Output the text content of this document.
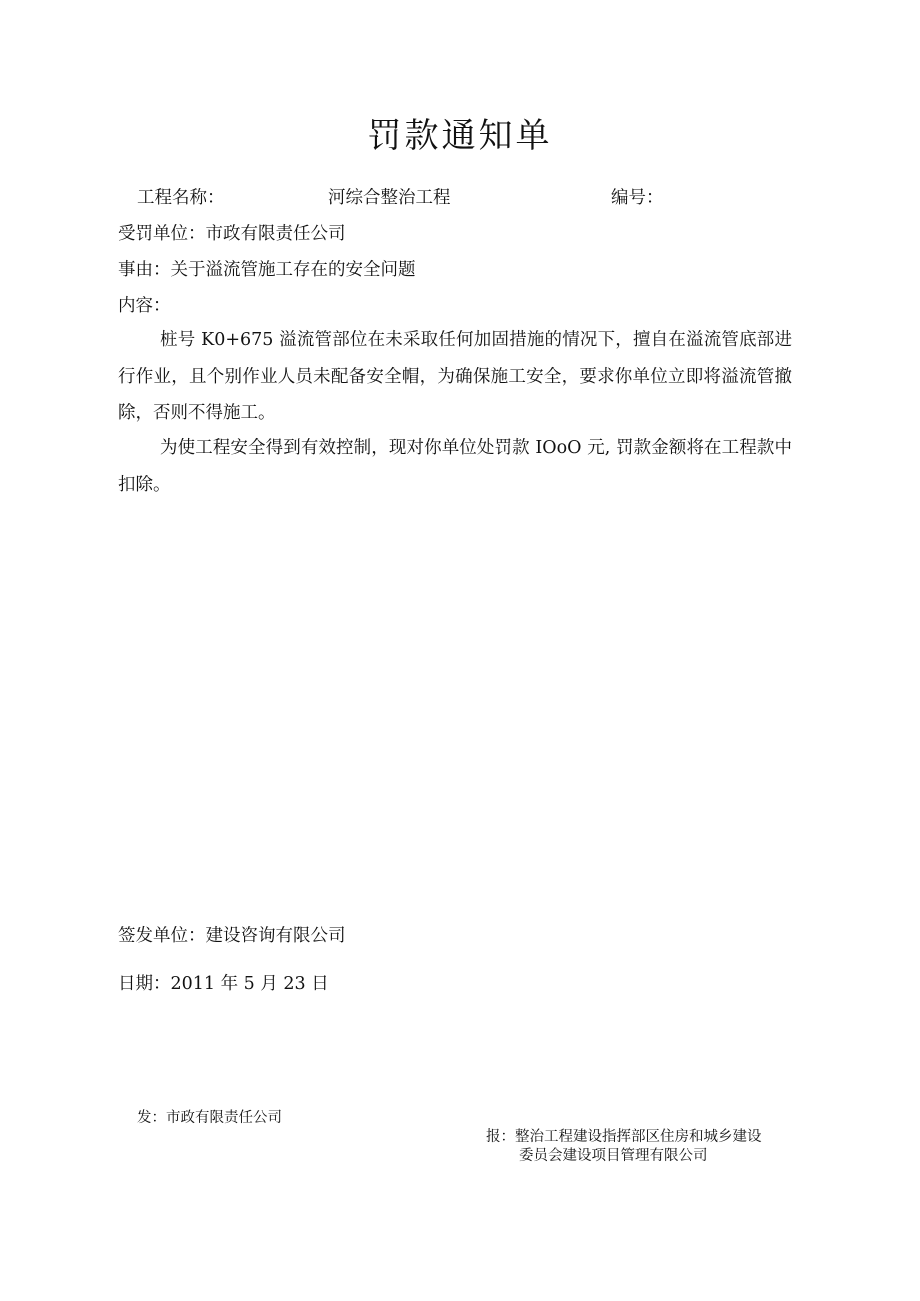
罚款通知单
工程名称：	河综合整治工程	编号：
受罚单位：市政有限责任公司
事由：关于溢流管施工存在的安全问题
内容：
桩号 K0+675 溢流管部位在未采取任何加固措施的情况下，擅自在溢流管底部进行作业，且个别作业人员未配备安全帽，为确保施工安全，要求你单位立即将溢流管撤除，否则不得施工。
为使工程安全得到有效控制，现对你单位处罚款 IOoO 元, 罚款金额将在工程款中扣除。
签发单位：建设咨询有限公司
日期：2011 年 5 月 23 日
发：市政有限责任公司
报：整治工程建设指挥部区住房和城乡建设
委员会建设项目管理有限公司
